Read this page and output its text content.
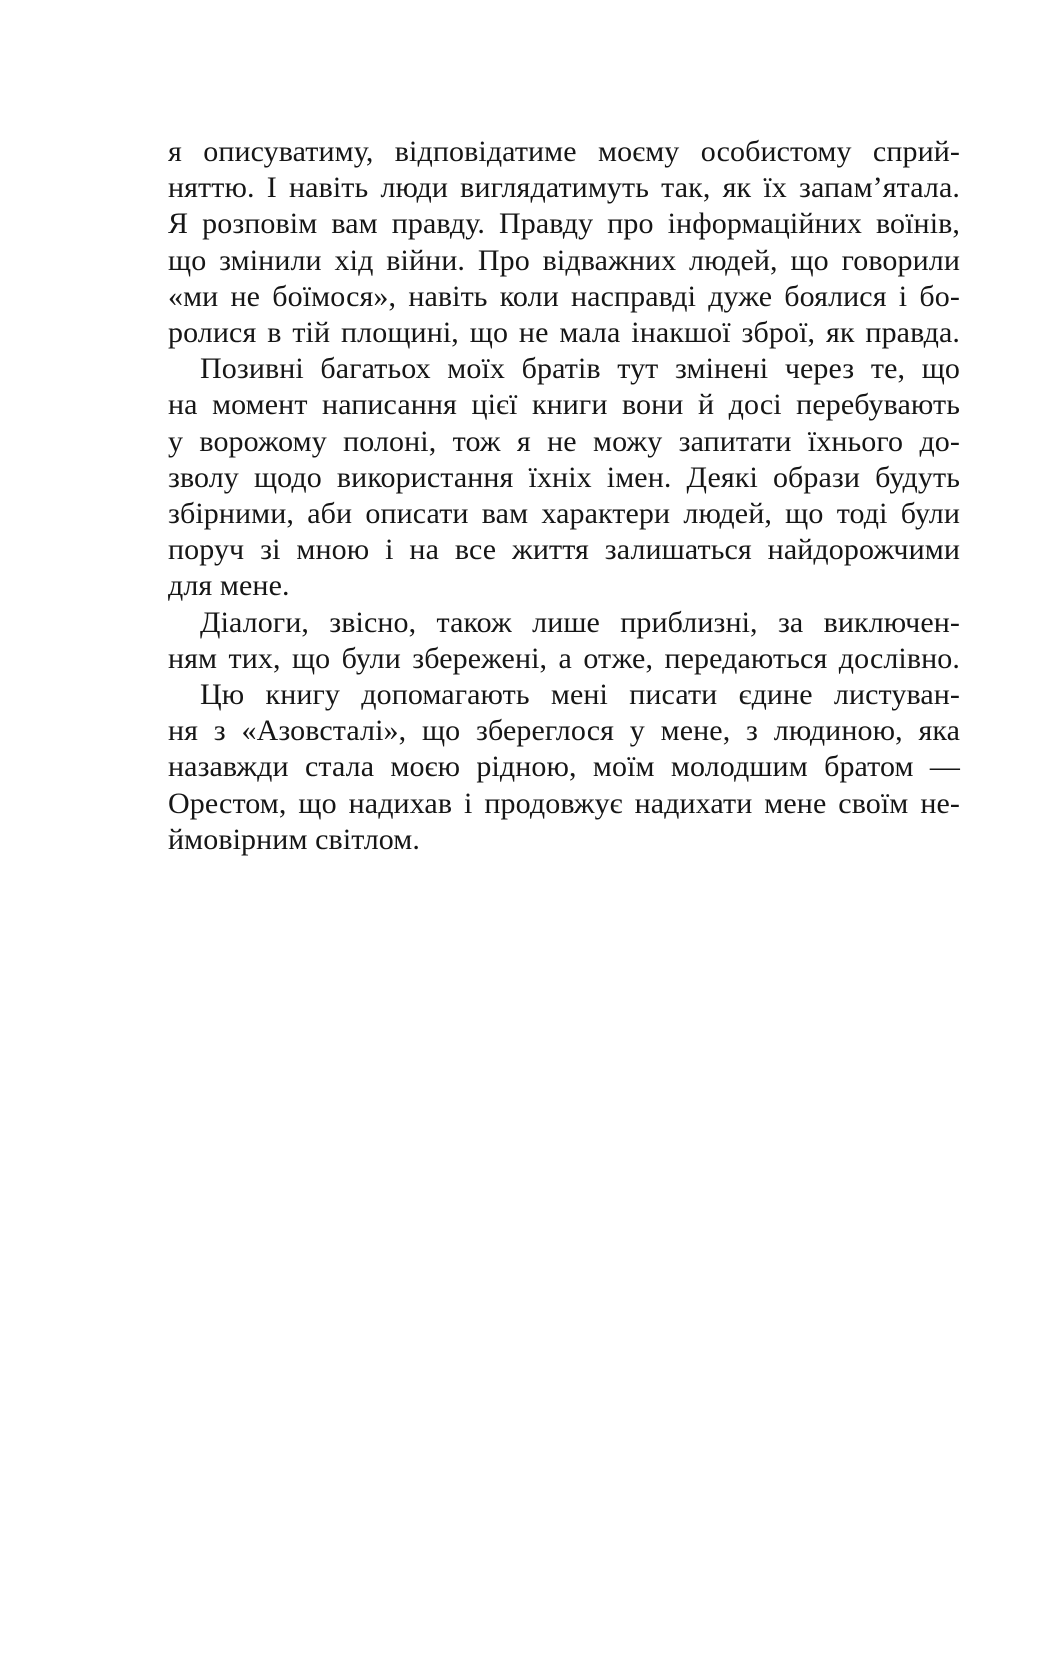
я описуватиму, відповідатиме моєму особистому сприй-
няттю. І навіть люди виглядатимуть так, як їх запам’ятала.
Я розповім вам правду. Правду про інформаційних воїнів,
що змінили хід війни. Про відважних людей, що говорили
«ми не боїмося», навіть коли насправді дуже боялися і бо-
ролися в тій площині, що не мала інакшої зброї, як правда.
Позивні багатьох моїх братів тут змінені через те, що
на момент написання цієї книги вони й досі перебувають
у ворожому полоні, тож я не можу запитати їхнього до-
зволу щодо використання їхніх імен. Деякі образи будуть
збірними, аби описати вам характери людей, що тоді були
поруч зі мною і на все життя залишаться найдорожчими
для мене.
Діалоги, звісно, також лише приблизні, за виключен-
ням тих, що були збережені, а отже, передаються дослівно.
Цю книгу допомагають мені писати єдине листуван-
ня з «Азовсталі», що збереглося у мене, з людиною, яка
назавжди стала моєю рідною, моїм молодшим братом —
Орестом, що надихав і продовжує надихати мене своїм не-
ймовірним світлом.
